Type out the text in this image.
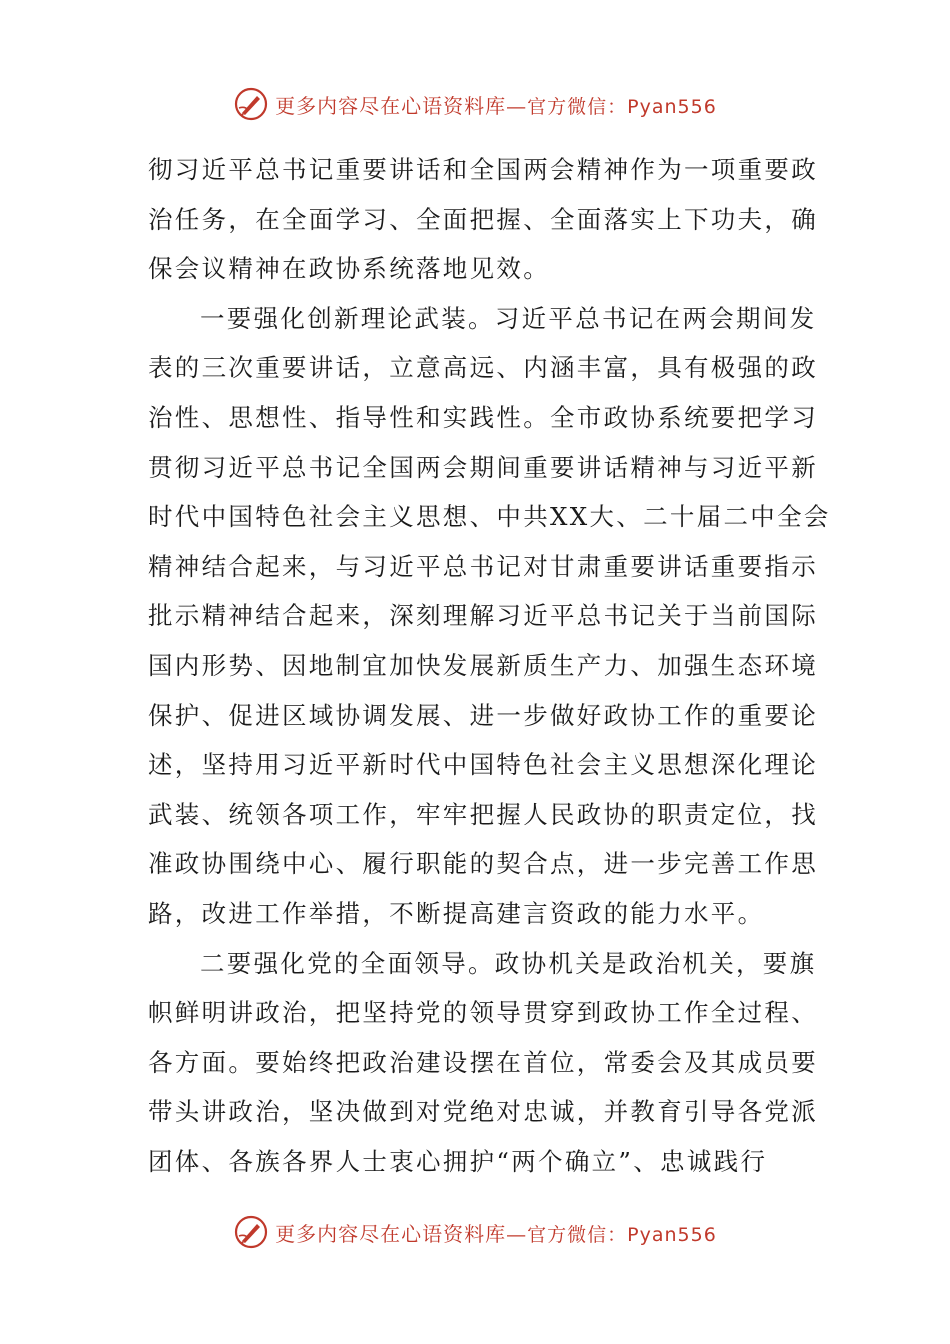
更多内容尽在心语资料库—官方微信：Pyan556
彻习近平总书记重要讲话和全国两会精神作为一项重要政
治任务，在全面学习、全面把握、全面落实上下功夫，确
保会议精神在政协系统落地见效。
一要强化创新理论武装。习近平总书记在两会期间发
表的三次重要讲话，立意高远、内涵丰富，具有极强的政
治性、思想性、指导性和实践性。全市政协系统要把学习
贯彻习近平总书记全国两会期间重要讲话精神与习近平新
时代中国特色社会主义思想、中共XX大、二十届二中全会
精神结合起来，与习近平总书记对甘肃重要讲话重要指示
批示精神结合起来，深刻理解习近平总书记关于当前国际
国内形势、因地制宜加快发展新质生产力、加强生态环境
保护、促进区域协调发展、进一步做好政协工作的重要论
述，坚持用习近平新时代中国特色社会主义思想深化理论
武装、统领各项工作，牢牢把握人民政协的职责定位，找
准政协围绕中心、履行职能的契合点，进一步完善工作思
路，改进工作举措，不断提高建言资政的能力水平。
二要强化党的全面领导。政协机关是政治机关，要旗
帜鲜明讲政治，把坚持党的领导贯穿到政协工作全过程、
各方面。要始终把政治建设摆在首位，常委会及其成员要
带头讲政治，坚决做到对党绝对忠诚，并教育引导各党派
团体、各族各界人士衷心拥护“两个确立”、忠诚践行
更多内容尽在心语资料库—官方微信：Pyan556
